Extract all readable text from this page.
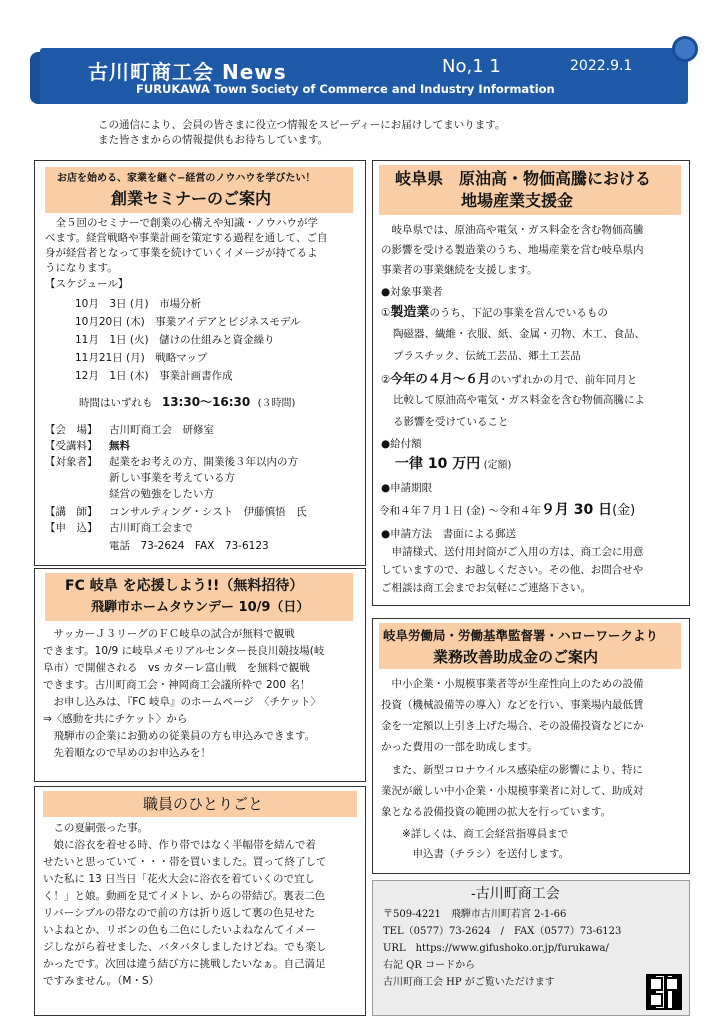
古川町商工会 News	No,1 1	2022.9.1
FURUKAWA Town Society of Commerce and Industry Information
この通信により、会員の皆さまに役立つ情報をスピーディーにお届けしてまいります。
また皆さまからの情報提供もお待ちしています。
お店を始める、家業を継ぐ−経営のノウハウを学びたい！
創業セミナーのご案内
　全５回のセミナーで創業の心構えや知識・ノウハウが学
べます。経営戦略や事業計画を策定する過程を通して、ご自
身が経営者となって事業を続けていくイメージが持てるよ
うになります。
【スケジュール】
10月　3日 (月)　市場分析
10月20日 (木)　事業アイデアとビジネスモデル
11月　1日 (火)　儲けの仕組みと資金繰り
11月21日 (月)　戦略マップ
12月　1日 (木)　事業計画書作成
時間はいずれも 13:30〜16:30 (３時間)
【会　場】 古川町商工会　研修室
【受講料】 無料
【対象者】 起業をお考えの方、開業後３年以内の方
新しい事業を考えている方
経営の勉強をしたい方
【講　師】 コンサルティング・シスト　伊藤慎悟　氏
【申　込】 古川町商工会まで
電話　73-2624　FAX　73-6123
FC 岐阜 を応援しよう!!（無料招待）
飛騨市ホームタウンデー 10/9（日）
　サッカーＪ３リーグのＦＣ岐阜の試合が無料で観戦
できます。10/9 に岐阜メモリアルセンター長良川競技場(岐
阜市）で開催される　vs カターレ富山戦　を無料で観戦
できます。古川町商工会・神岡商工会議所枠で 200 名！
　お申し込みは、『FC 岐阜』のホームページ　〈チケット〉
⇒〈感動を共にチケット〉から
　飛騨市の企業にお勤めの従業員の方も申込みできます。
　先着順なので早めのお申込みを！
職員のひとりごと
　この夏嗣張った事。
　娘に浴衣を着せる時、作り帯ではなく半幅帯を結んで着
せたいと思っていて・・・帯を買いました。買って終了して
いた私に 13 日当日「花火大会に浴衣を着ていくので宜し
く！」と娘。動画を見てイメトレ、からの帯結び。裏表二色
リバーシブルの帯なので前の方は折り返して裏の色見せた
いよねとか、リボンの色も二色にしたいよねなんてイメー
ジしながら着せました、バタバタしましたけどね。でも楽し
かったです。次回は違う結び方に挑戦したいなぁ。自己満足
ですみません。（M・S）
岐阜県　原油高・物価高騰における
地場産業支援金
　岐阜県では、原油高や電気・ガス料金を含む物価高騰
の影響を受ける製造業のうち、地場産業を営む岐阜県内
事業者の事業継続を支援します。
●対象事業者
①製造業のうち、下記の事業を営んでいるもの
陶磁器、繊維・衣服、紙、金属・刃物、木工、食品、
プラスチック、伝統工芸品、郷土工芸品
②今年の４月〜６月のいずれかの月で、前年同月と
比較して原油高や電気・ガス料金を含む物価高騰によ
る影響を受けていること
●給付額
一律 10 万円 (定額)
●申請期限
令和４年７月１日 (金) 〜令和４年９月 30 日(金)
●申請方法　書面による郵送
　申請様式、送付用封筒がご入用の方は、商工会に用意
していますので、お越しください。その他、お問合せや
ご相談は商工会までお気軽にご連絡下さい。
岐阜労働局・労働基準監督署・ハローワークより
業務改善助成金のご案内
　中小企業・小規模事業者等が生産性向上のための設備
投資（機械設備等の導入）などを行い、事業場内最低賃
金を一定額以上引き上げた場合、その設備投資などにか
かった費用の一部を助成します。
　また、新型コロナウイルス感染症の影響により、特に
業況が厳しい中小企業・小規模事業者に対して、助成対
象となる設備投資の範囲の拡大を行っています。
　　※詳しくは、商工会経営指導員まで
　　　申込書（チラシ）を送付します。
-古川町商工会
〒509-4221　飛騨市古川町若宮 2-1-66
TEL（0577）73-2624　/　FAX（0577）73-6123
URL　https://www.gifushoko.or.jp/furukawa/
右記 QR コードから
古川町商工会 HP がご覧いただけます
